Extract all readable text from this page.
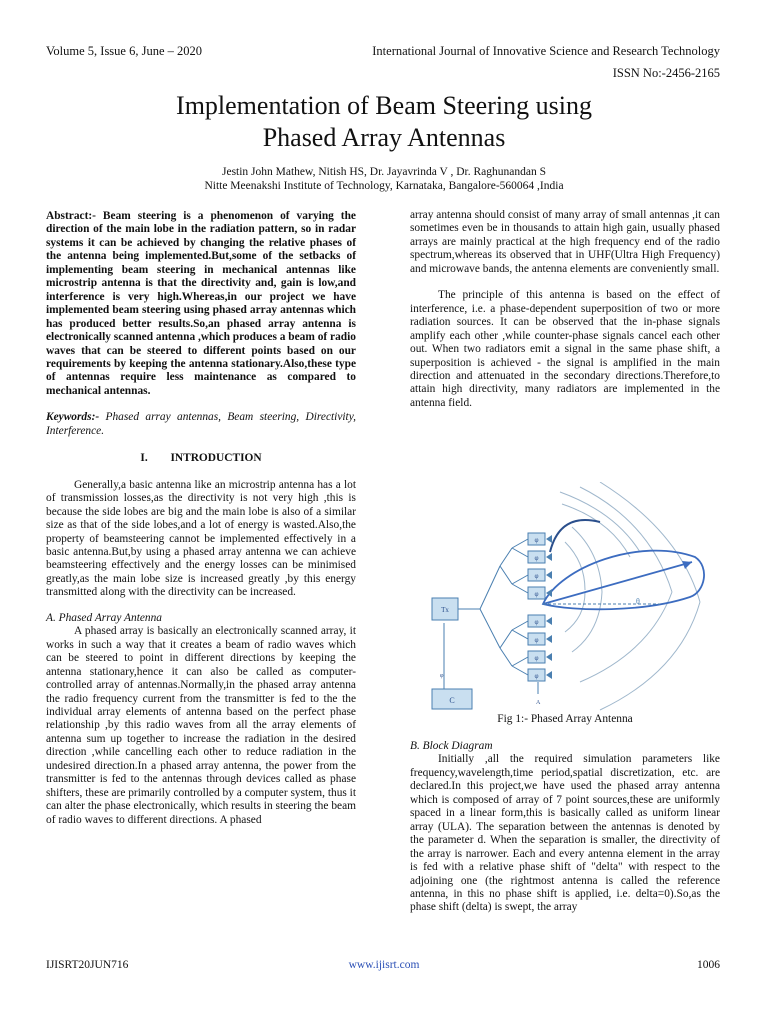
Volume 5, Issue 6, June – 2020	International Journal of Innovative Science and Research Technology
ISSN No:-2456-2165
Implementation of Beam Steering using
Phased Array Antennas
Jestin John Mathew, Nitish HS, Dr. Jayavrinda V , Dr. Raghunandan S
Nitte Meenakshi Institute of Technology, Karnataka, Bangalore-560064 ,India

Abstract:- Beam steering is a phenomenon of varying the direction of the main lobe in the radiation pattern, so in radar systems it can be achieved by changing the relative phases of the antenna being implemented.But,some of the setbacks of implementing beam steering in mechanical antennas like microstrip antenna is that the directivity and, gain is low,and interference is very high.Whereas,in our project we have implemented beam steering using phased array antennas which has produced better results.So,an phased array antenna is electronically scanned antenna ,which produces a beam of radio waves that can be steered to different points based on our requirements by keeping the antenna stationary.Also,these type of antennas require less maintenance as compared to mechanical antennas.

Keywords:- Phased array antennas, Beam steering, Directivity, Interference.

I.        INTRODUCTION

Generally,a basic antenna like an microstrip antenna has a lot of transmission losses,as the directivity is not very high ,this is because the side lobes are big and the main lobe is also of a similar size as that of the side lobes,and a lot of energy is wasted.Also,the property of beamsteering cannot be implemented effectively in a basic antenna.But,by using a phased array antenna we can achieve beamsteering effectively and the energy losses can be minimised greatly,as the main lobe size is increased greatly ,by this energy transmitted along with the directivity can be increased.

A. Phased Array Antenna

A phased array is basically an electronically scanned array, it works in such a way that it creates a beam of radio waves which can be steered to point in different directions by keeping the antenna stationary,hence it can also be called as computer-controlled array of antennas.Normally,in the phased array antenna the radio frequency current from the transmitter is fed to the the individual array elements of antenna based on the perfect phase relationship ,by this radio waves from all the array elements of antenna sum up together to increase the radiation in the desired direction ,while cancelling each other to reduce radiation in the undesired direction.In a phased array antenna, the power from the transmitter is fed to the antennas through devices called as phase shifters, these are primarily controlled by a computer system, thus it can alter the phase electronically, which results in steering the beam of radio waves to different directions. A phased

array antenna should consist of many array of small antennas ,it can sometimes even be in thousands to attain high gain, usually phased arrays are mainly practical at the high frequency end of the radio spectrum,whereas its observed that in UHF(Ultra High Frequency) and microwave bands, the antenna elements are conveniently small.

The principle of this antenna is based on the effect of interference, i.e. a phase-dependent superposition of two or more radiation sources. It can be observed that the in-phase signals amplify each other ,while counter-phase signals cancel each other out. When two radiators emit a signal in the same phase shift, a superposition is achieved - the signal is amplified in the main direction and attenuated in the secondary directions.Therefore,to attain high directivity, many radiators are implemented in the antenna field.

θ
φ
φ
φ
φ
φ
φ
φ
φ
Tx
C
φ
A
Fig 1:- Phased Array Antenna

B. Block Diagram

Initially ,all the required simulation parameters like frequency,wavelength,time period,spatial discretization, etc. are declared.In this project,we have used the phased array antenna which is composed of array of 7 point sources,these are uniformly spaced in a linear form,this is basically called as uniform linear array (ULA). The separation between the antennas is denoted by the parameter d. When the separation is smaller, the directivity of the array is narrower. Each and every antenna element in the array is fed with a relative phase shift of "delta" with respect to the adjoining one (the rightmost antenna is called the reference antenna, in this no phase shift is applied, i.e. delta=0).So,as the phase shift (delta) is swept, the array

IJISRT20JUN716	www.ijisrt.com	1006
